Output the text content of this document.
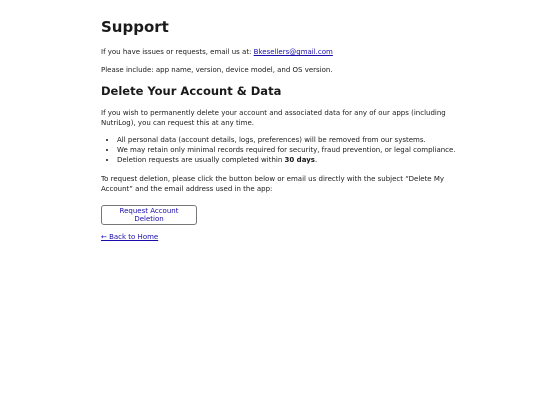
Support

If you have issues or requests, email us at: Bkesellers@gmail.com

Please include: app name, version, device model, and OS version.

Delete Your Account & Data

If you wish to permanently delete your account and associated data for any of our apps (including NutriLog), you can request this at any time.

• All personal data (account details, logs, preferences) will be removed from our systems.
• We may retain only minimal records required for security, fraud prevention, or legal compliance.
• Deletion requests are usually completed within 30 days.

To request deletion, please click the button below or email us directly with the subject “Delete My Account” and the email address used in the app:

Request Account Deletion
← Back to Home
